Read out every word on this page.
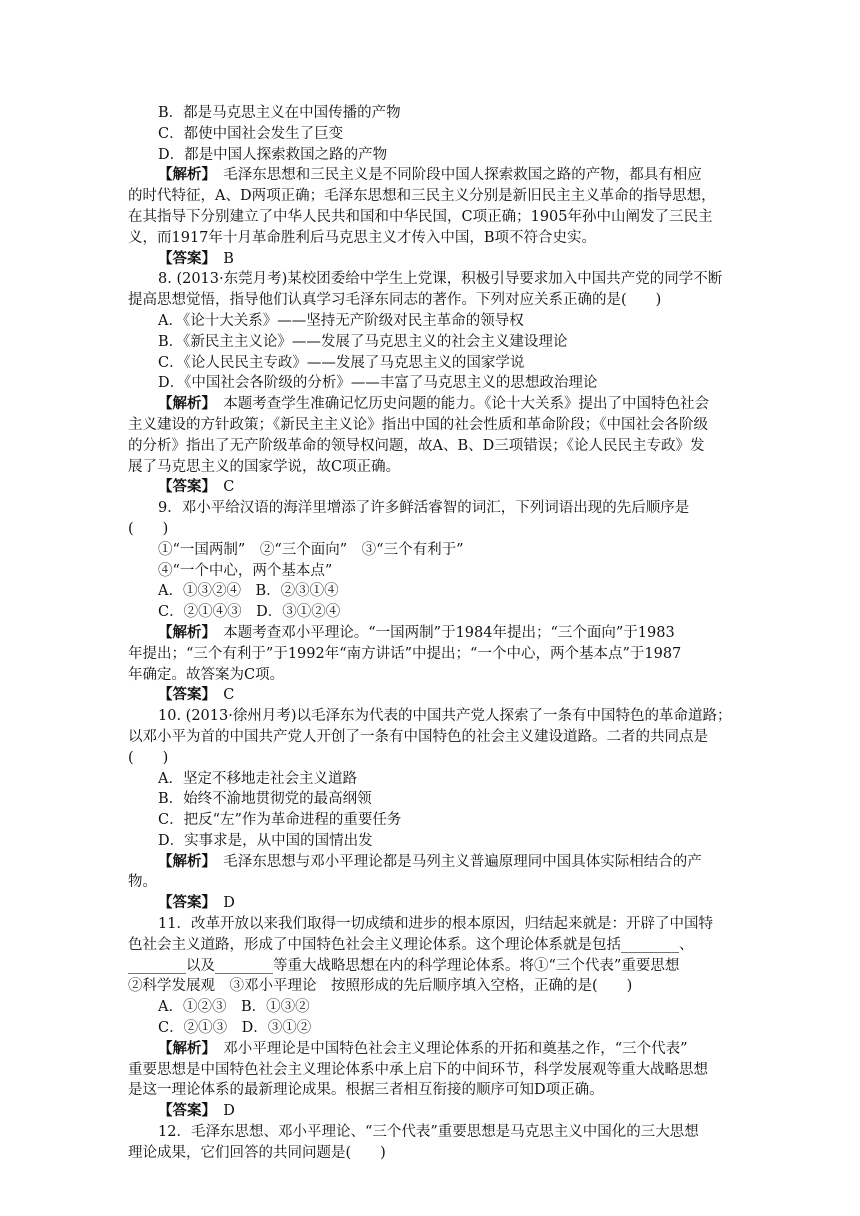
B．都是马克思主义在中国传播的产物
C．都使中国社会发生了巨变
D．都是中国人探索救国之路的产物
【解析】　毛泽东思想和三民主义是不同阶段中国人探索救国之路的产物，都具有相应
的时代特征，A、D两项正确；毛泽东思想和三民主义分别是新旧民主主义革命的指导思想，
在其指导下分别建立了中华人民共和国和中华民国，C项正确；1905年孙中山阐发了三民主
义，而1917年十月革命胜利后马克思主义才传入中国，B项不符合史实。
【答案】　B
8. (2013·东莞月考)某校团委给中学生上党课，积极引导要求加入中国共产党的同学不断
提高思想觉悟，指导他们认真学习毛泽东同志的著作。下列对应关系正确的是(　　)
A．《论十大关系》——坚持无产阶级对民主革命的领导权
B．《新民主主义论》——发展了马克思主义的社会主义建设理论
C．《论人民民主专政》——发展了马克思主义的国家学说
D．《中国社会各阶级的分析》——丰富了马克思主义的思想政治理论
【解析】　本题考查学生准确记忆历史问题的能力。《论十大关系》提出了中国特色社会
主义建设的方针政策；《新民主主义论》指出中国的社会性质和革命阶段；《中国社会各阶级
的分析》指出了无产阶级革命的领导权问题，故A、B、D三项错误；《论人民民主专政》发
展了马克思主义的国家学说，故C项正确。
【答案】　C
9．邓小平给汉语的海洋里增添了许多鲜活睿智的词汇，下列词语出现的先后顺序是
(　　)
①“一国两制”　②“三个面向”　③“三个有利于”
④“一个中心，两个基本点”
A．①③②④　B．②③①④
C．②①④③　D．③①②④
【解析】　本题考查邓小平理论。“一国两制”于1984年提出；“三个面向”于1983
年提出；“三个有利于”于1992年“南方讲话”中提出；“一个中心，两个基本点”于1987
年确定。故答案为C项。
【答案】　C
10. (2013·徐州月考)以毛泽东为代表的中国共产党人探索了一条有中国特色的革命道路；
以邓小平为首的中国共产党人开创了一条有中国特色的社会主义建设道路。二者的共同点是
(　　)
A．坚定不移地走社会主义道路
B．始终不渝地贯彻党的最高纲领
C．把反“左”作为革命进程的重要任务
D．实事求是，从中国的国情出发
【解析】　毛泽东思想与邓小平理论都是马列主义普遍原理同中国具体实际相结合的产
物。
【答案】　D
11．改革开放以来我们取得一切成绩和进步的根本原因，归结起来就是：开辟了中国特
色社会主义道路，形成了中国特色社会主义理论体系。这个理论体系就是包括________、
________以及________等重大战略思想在内的科学理论体系。将①“三个代表”重要思想
②科学发展观　③邓小平理论　按照形成的先后顺序填入空格，正确的是(　　)
A．①②③　B．①③②
C．②①③　D．③①②
【解析】　邓小平理论是中国特色社会主义理论体系的开拓和奠基之作，“三个代表”
重要思想是中国特色社会主义理论体系中承上启下的中间环节，科学发展观等重大战略思想
是这一理论体系的最新理论成果。根据三者相互衔接的顺序可知D项正确。
【答案】　D
12．毛泽东思想、邓小平理论、“三个代表”重要思想是马克思主义中国化的三大思想
理论成果，它们回答的共同问题是(　　)
